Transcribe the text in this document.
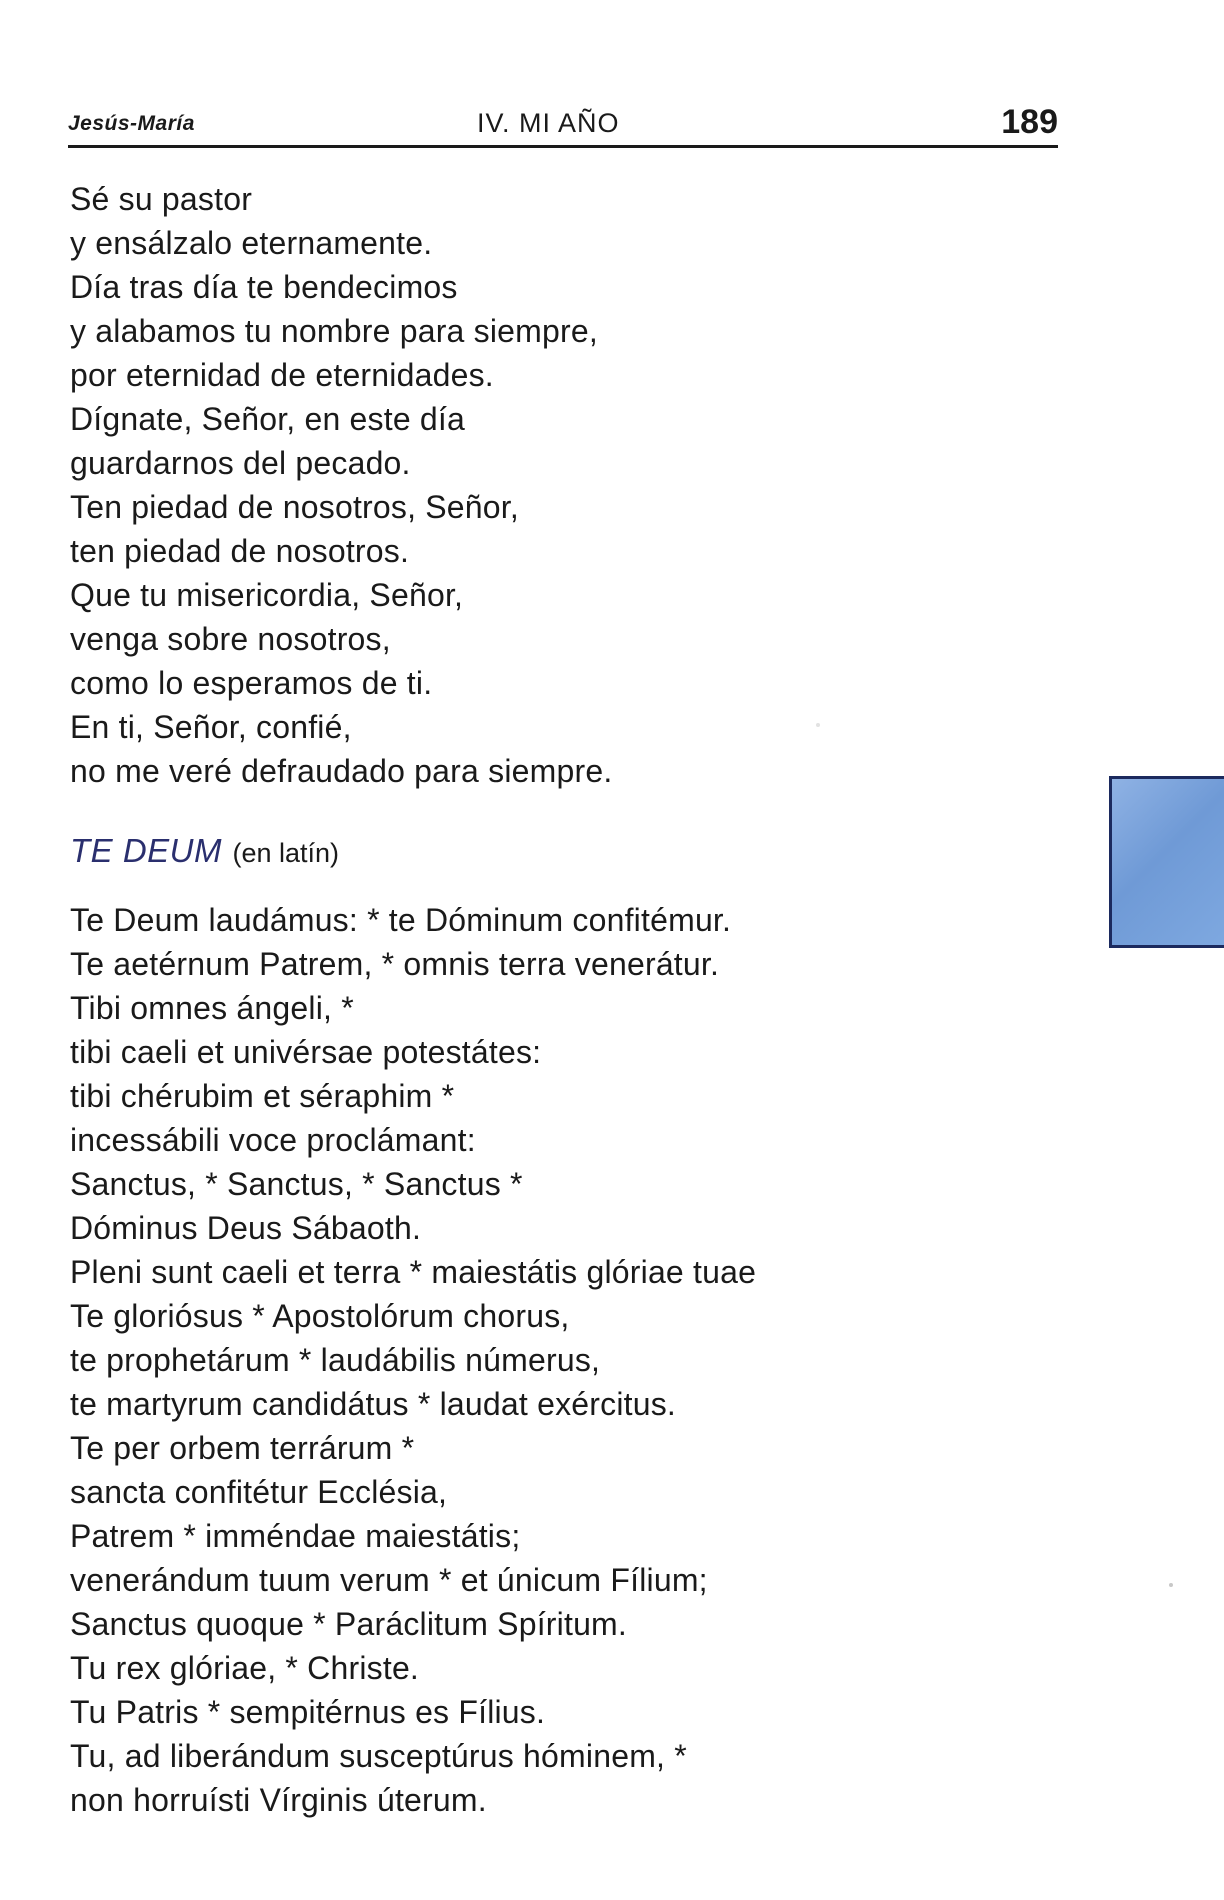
Jesús-María	IV. MI AÑO	189
Sé su pastor
y ensálzalo eternamente.
Día tras día te bendecimos
y alabamos tu nombre para siempre,
por eternidad de eternidades.
Dígnate, Señor, en este día
guardarnos del pecado.
Ten piedad de nosotros, Señor,
ten piedad de nosotros.
Que tu misericordia, Señor,
venga sobre nosotros,
como lo esperamos de ti.
En ti, Señor, confié,
no me veré defraudado para siempre.
TE DEUM (en latín)
Te Deum laudámus: * te Dóminum confitémur.
Te aetérnum Patrem, * omnis terra venerátur.
Tibi omnes ángeli, *
tibi caeli et univérsae potestátes:
tibi chérubim et séraphim *
incessábili voce proclámant:
Sanctus, * Sanctus, * Sanctus *
Dóminus Deus Sábaoth.
Pleni sunt caeli et terra * maiestátis glóriae tuae
Te gloriósus * Apostolórum chorus,
te prophetárum * laudábilis númerus,
te martyrum candidátus * laudat exércitus.
Te per orbem terrárum *
sancta confitétur Ecclésia,
Patrem * imméndae maiestátis;
venerándum tuum verum * et únicum Fílium;
Sanctus quoque * Paráclitum Spíritum.
Tu rex glóriae, * Christe.
Tu Patris * sempitérnus es Fílius.
Tu, ad liberándum susceptúrus hóminem, *
non horruísti Vírginis úterum.
